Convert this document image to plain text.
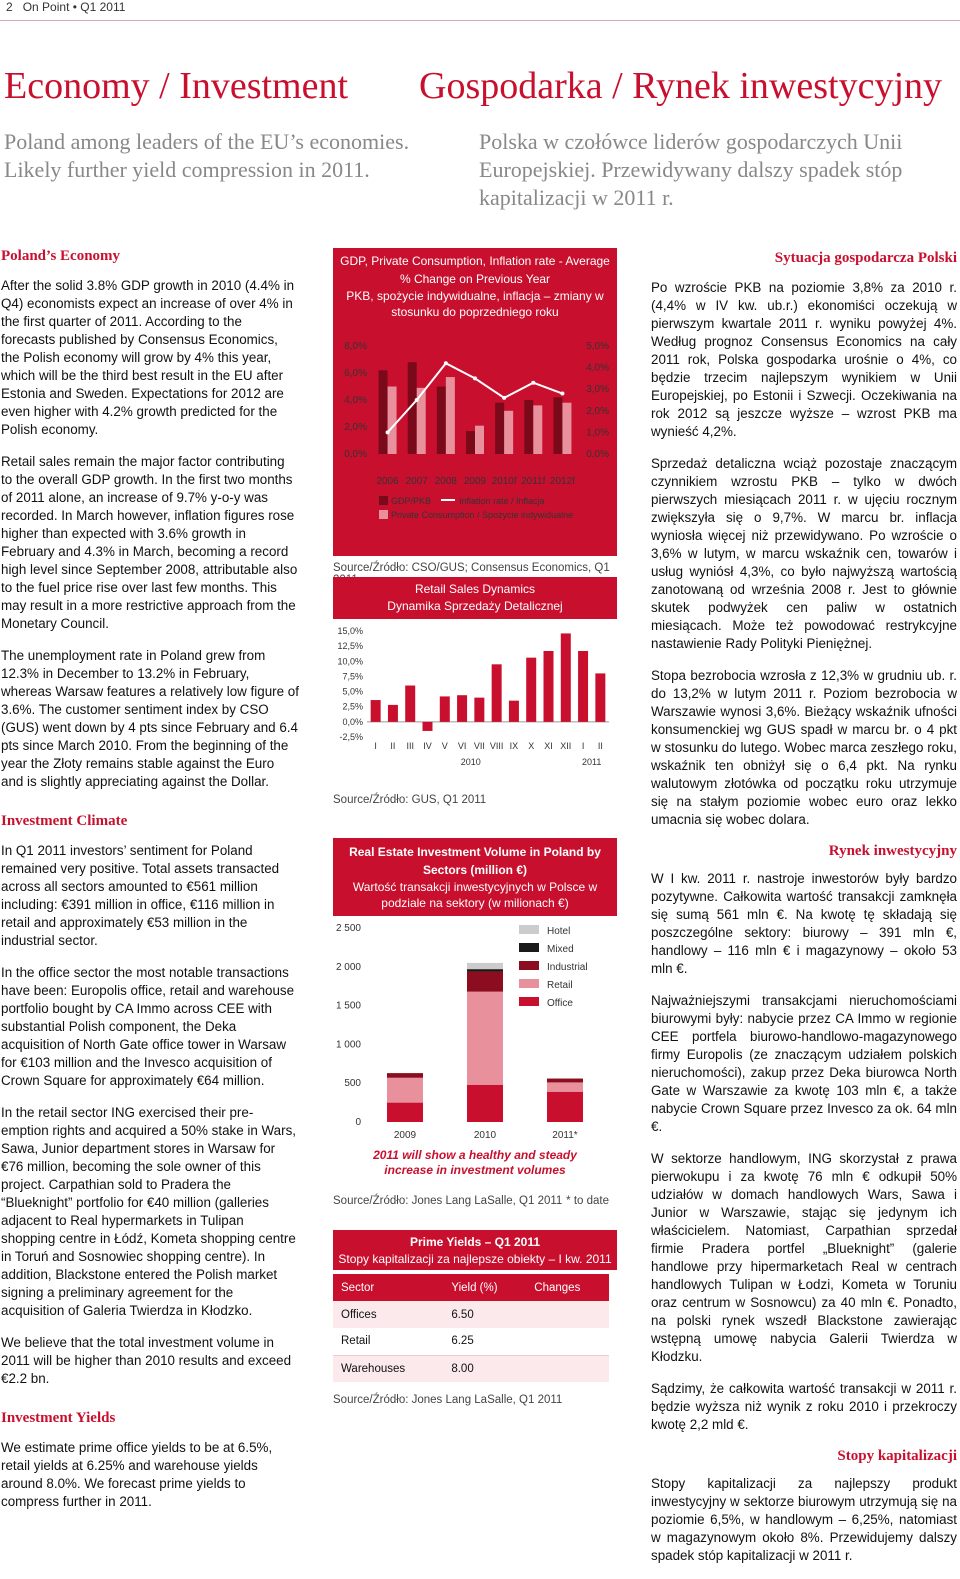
2 On Point • Q1 2011
Economy / Investment Gospodarka / Rynek inwestycyjny
Poland among leaders of the EU’s economies.
Likely further yield compression in 2011.
Polska w czołówce liderów gospodarczych Unii
Europejskiej. Przewidywany dalszy spadek stóp
kapitalizacji w 2011 r.
Poland’s Economy

After the solid 3.8% GDP growth in 2010 (4.4% in Q4) economists expect an increase of over 4% in the first quarter of 2011. According to the forecasts published by Consensus Economics, the Polish economy will grow by 4% this year, which will be the third best result in the EU after Estonia and Sweden. Expectations for 2012 are even higher with 4.2% growth predicted for the Polish economy.

Retail sales remain the major factor contributing to the overall GDP growth. In the first two months of 2011 alone, an increase of 9.7% y-o-y was recorded. In March however, inflation figures rose higher than expected with 3.6% growth in February and 4.3% in March, becoming a record high level since September 2008, attributable also to the fuel price rise over last few months. This may result in a more restrictive approach from the Monetary Council.

The unemployment rate in Poland grew from 12.3% in December to 13.2% in February, whereas Warsaw features a relatively low figure of 3.6%. The customer sentiment index by CSO (GUS) went down by 4 pts since February and 6.4 pts since March 2010. From the beginning of the year the Złoty remains stable against the Euro and is slightly appreciating against the Dollar.

Investment Climate

In Q1 2011 investors’ sentiment for Poland remained very positive. Total assets transacted across all sectors amounted to €561 million including: €391 million in office, €116 million in retail and approximately €53 million in the industrial sector.

In the office sector the most notable transactions have been: Europolis office, retail and warehouse portfolio bought by CA Immo across CEE with substantial Polish component, the Deka acquisition of North Gate office tower in Warsaw for €103 million and the Invesco acquisition of Crown Square for approximately €64 million.

In the retail sector ING exercised their pre-emption rights and acquired a 50% stake in Wars, Sawa, Junior department stores in Warsaw for €76 million, becoming the sole owner of this project. Carpathian sold to Pradera the “Blueknight” portfolio for €40 million (galleries adjacent to Real hypermarkets in Tulipan shopping centre in Łódź, Kometa shopping centre in Toruń and Sosnowiec shopping centre). In addition, Blackstone entered the Polish market signing a preliminary agreement for the acquisition of Galeria Twierdza in Kłodzko.

We believe that the total investment volume in 2011 will be higher than 2010 results and exceed €2.2 bn.

Investment Yields

We estimate prime office yields to be at 6.5%, retail yields at 6.25% and warehouse yields around 8.0%. We forecast prime yields to compress further in 2011.

Sytuacja gospodarcza Polski

Po wzroście PKB na poziomie 3,8% za 2010 r. (4,4% w IV kw. ub.r.) ekonomiści oczekują w pierwszym kwartale 2011 r. wyniku powyżej 4%. Według prognoz Consensus Economics na cały 2011 rok, Polska gospodarka urośnie o 4%, co będzie trzecim najlepszym wynikiem w Unii Europejskiej, po Estonii i Szwecji. Oczekiwania na rok 2012 są jeszcze wyższe – wzrost PKB ma wynieść 4,2%.

Sprzedaż detaliczna wciąż pozostaje znaczącym czynnikiem wzrostu PKB – tylko w dwóch pierwszych miesiącach 2011 r. w ujęciu rocznym zwiększyła się o 9,7%. W marcu br. inflacja wyniosła więcej niż przewidywano. Po wzroście o 3,6% w lutym, w marcu wskaźnik cen, towarów i usług wyniósł 4,3%, co było najwyższą wartością zanotowaną od września 2008 r. Jest to głównie skutek podwyżek cen paliw w ostatnich miesiącach. Może też powodować restrykcyjne nastawienie Rady Polityki Pieniężnej.

Stopa bezrobocia wzrosła z 12,3% w grudniu ub. r. do 13,2% w lutym 2011 r. Poziom bezrobocia w Warszawie wynosi 3,6%. Bieżący wskaźnik ufności konsumenckiej wg GUS spadł w marcu br. o 4 pkt w stosunku do lutego. Wobec marca zeszłego roku, wskaźnik ten obniżył się o 6,4 pkt. Na rynku walutowym złotówka od początku roku utrzymuje się na stałym poziomie wobec euro oraz lekko umacnia się wobec dolara.

Rynek inwestycyjny

W I kw. 2011 r. nastroje inwestorów były bardzo pozytywne. Całkowita wartość transakcji zamknęła się sumą 561 mln €. Na kwotę tę składają się poszczególne sektory: biurowy – 391 mln €, handlowy – 116 mln € i magazynowy – około 53 mln €.

Najważniejszymi transakcjami nieruchomościami biurowymi były: nabycie przez CA Immo w regionie CEE portfela biurowo-handlowo-magazynowego firmy Europolis (ze znaczącym udziałem polskich nieruchomości), zakup przez Deka biurowca North Gate w Warszawie za kwotę 103 mln €, a także nabycie Crown Square przez Invesco za ok. 64 mln €.

W sektorze handlowym, ING skorzystał z prawa pierwokupu i za kwotę 76 mln € odkupił 50% udziałów w domach handlowych Wars, Sawa i Junior w Warszawie, stając się jedynym ich właścicielem. Natomiast, Carpathian sprzedał firmie Pradera portfel „Blueknight” (galerie handlowe przy hipermarketach Real w centrach handlowych Tulipan w Łodzi, Kometa w Toruniu oraz centrum w Sosnowcu) za 40 mln €. Ponadto, na polski rynek wszedł Blackstone zawierając wstępną umowę nabycia Galerii Twierdza w Kłodzku.

Sądzimy, że całkowita wartość transakcji w 2011 r. będzie wyższa niż wynik z roku 2010 i przekroczy kwotę 2,2 mld €.

Stopy kapitalizacji

Stopy kapitalizacji za najlepszy produkt inwestycyjny w sektorze biurowym utrzymują się na poziomie 6,5%, w handlowym – 6,25%, natomiast w magazynowym około 8%. Przewidujemy dalszy spadek stóp kapitalizacji w 2011 r.

GDP, Private Consumption, Inflation rate - Average % Change on Previous Year
PKB, spożycie indywidualne, inflacja – zmiany w stosunku do poprzedniego roku
0,0%
2,0%
4,0%
6,0%
8,0%
0,0%
1,0%
2,0%
3,0%
4,0%
5,0%
2006 2007 2008 2009 2010f 2011f 2012f
GDP/PKB	Inflation rate / Inflacja
Private Consumption / Spożycie indywidualne
Source/Źródło: CSO/GUS; Consensus Economics, Q1
Retail Sales Dynamics
Dynamika Sprzedaży Detalicznej
-2,5%
0,0%
2,5%
5,0%
7,5%
10,0%
12,5%
15,0%
I II III IV V VI VII VIII IX X XI XII I II
2010	2011
Source/Źródło: GUS, Q1 2011
Real Estate Investment Volume in Poland by Sectors (million €)
Wartość transakcji inwestycyjnych w Polsce w podziale na sektory (w milionach €)
0
500
1 000
1 500
2 000
2 500
2009	2010	2011*
Hotel
Mixed
Industrial
Retail
Office
2011 will show a healthy and steady increase in investment volumes
Source/Źródło: Jones Lang LaSalle, Q1 2011 * to date
Prime Yields – Q1 2011
Stopy kapitalizacji za najlepsze obiekty – I kw. 2011
Sector	Yield (%)	Changes
Offices	6.50	
Retail	6.25	
Warehouses	8.00	
Source/Źródło: Jones Lang LaSalle, Q1 2011
